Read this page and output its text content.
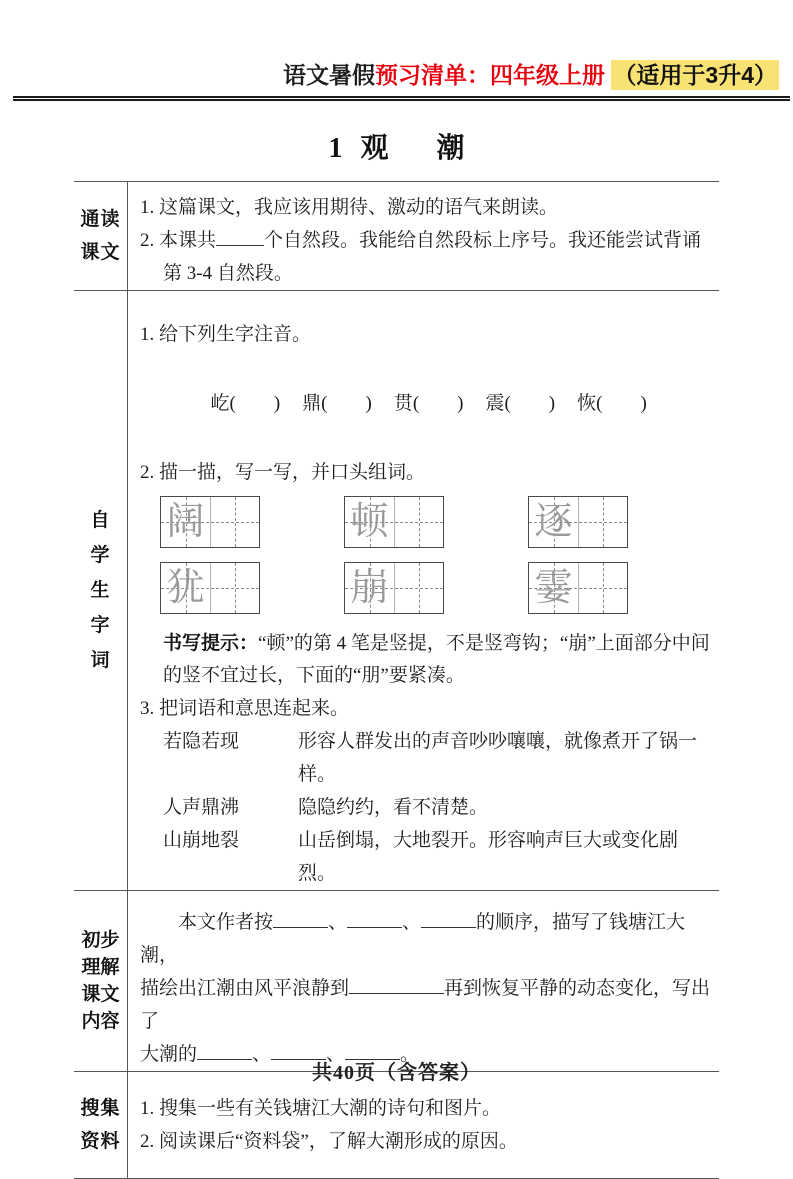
语文暑假预习清单：四年级上册 （适用于3升4）
1 观 潮
通读
课文
1. 这篇课文，我应该用期待、激动的语气来朗读。
2. 本课共	个自然段。我能给自然段标上序号。我还能尝试背诵
第 3-4 自然段。
自
学
生
字
词
1. 给下列生字注音。

屹(        ) 鼎(        ) 贯(        ) 震(        ) 恢(        )

2. 描一描，写一写，并口头组词。
阔	顿	逐
犹	崩	霎
书写提示：“顿”的第 4 笔是竖提，不是竖弯钩；“崩”上面部分中间的竖不宜过长，下面的“朋”要紧凑。
3. 把词语和意思连起来。
若隐若现	形容人群发出的声音吵吵嚷嚷，就像煮开了锅一样。
人声鼎沸	隐隐约约，看不清楚。
山崩地裂	山岳倒塌，大地裂开。形容响声巨大或变化剧烈。
初步
理解
课文
内容
本文作者按	、	、	的顺序，描写了钱塘江大潮，
描绘出江潮由风平浪静到	再到恢复平静的动态变化，写出了
大潮的	、	、	。
搜集
资料
1. 搜集一些有关钱塘江大潮的诗句和图片。
2. 阅读课后“资料袋”，了解大潮形成的原因。
共40页（含答案）
